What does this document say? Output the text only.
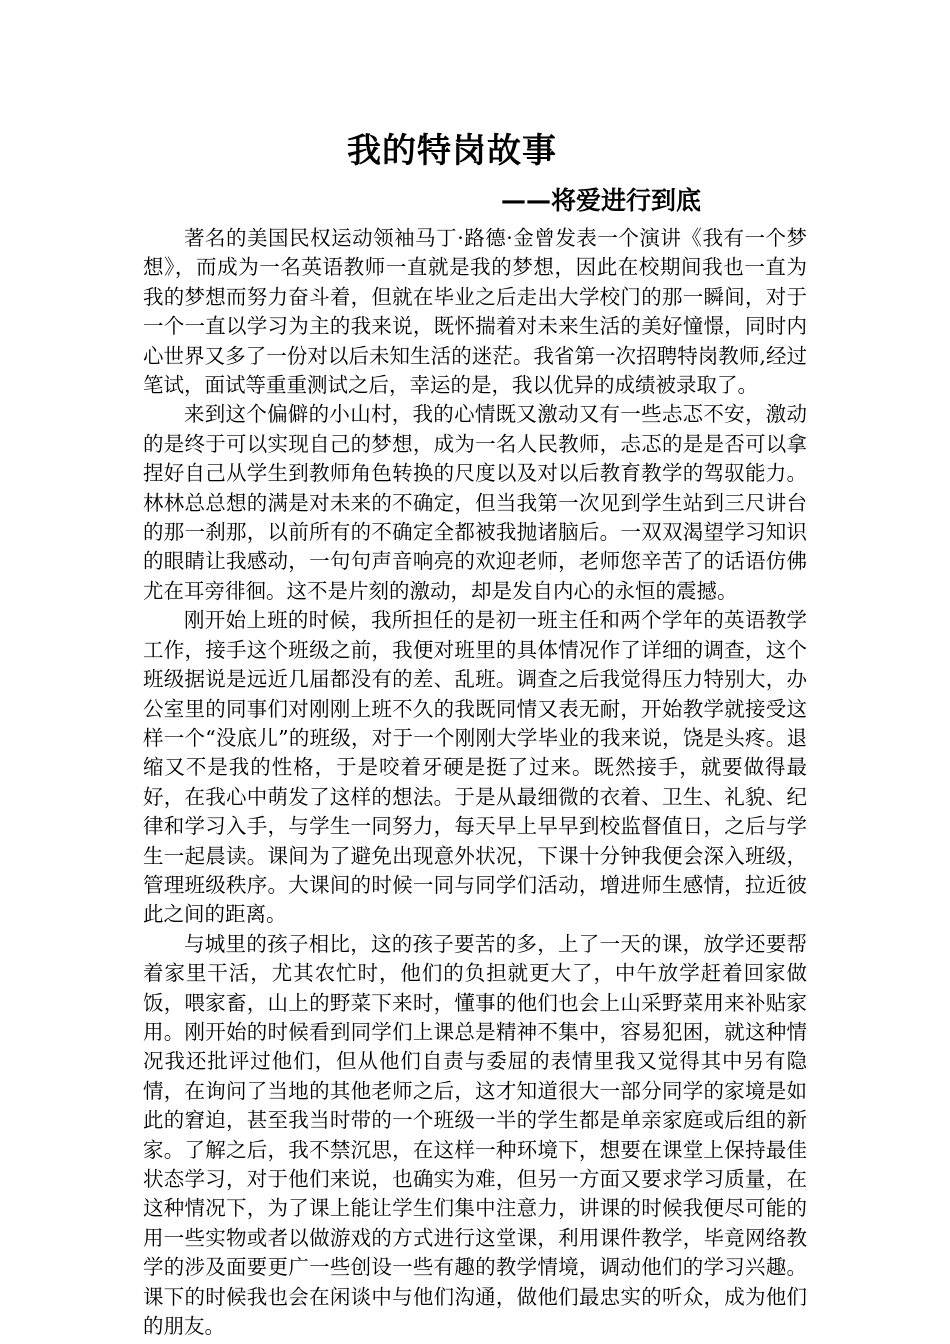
我的特岗故事
——将爱进行到底

著名的美国民权运动领袖马丁·路德·金曾发表一个演讲《我有一个梦想》，而成为一名英语教师一直就是我的梦想，因此在校期间我也一直为我的梦想而努力奋斗着，但就在毕业之后走出大学校门的那一瞬间，对于一个一直以学习为主的我来说，既怀揣着对未来生活的美好憧憬，同时内心世界又多了一份对以后未知生活的迷茫。我省第一次招聘特岗教师,经过笔试，面试等重重测试之后，幸运的是，我以优异的成绩被录取了。

来到这个偏僻的小山村，我的心情既又激动又有一些忐忑不安，激动的是终于可以实现自己的梦想，成为一名人民教师，忐忑的是是否可以拿捏好自己从学生到教师角色转换的尺度以及对以后教育教学的驾驭能力。林林总总想的满是对未来的不确定，但当我第一次见到学生站到三尺讲台的那一刹那，以前所有的不确定全都被我抛诸脑后。一双双渴望学习知识的眼睛让我感动，一句句声音响亮的欢迎老师，老师您辛苦了的话语仿佛尤在耳旁徘徊。这不是片刻的激动，却是发自内心的永恒的震撼。

刚开始上班的时候，我所担任的是初一班主任和两个学年的英语教学工作，接手这个班级之前，我便对班里的具体情况作了详细的调查，这个班级据说是远近几届都没有的差、乱班。调查之后我觉得压力特别大，办公室里的同事们对刚刚上班不久的我既同情又表无耐，开始教学就接受这样一个“没底儿”的班级，对于一个刚刚大学毕业的我来说，饶是头疼。退缩又不是我的性格，于是咬着牙硬是挺了过来。既然接手，就要做得最好，在我心中萌发了这样的想法。于是从最细微的衣着、卫生、礼貌、纪律和学习入手，与学生一同努力，每天早上早早到校监督值日，之后与学生一起晨读。课间为了避免出现意外状况，下课十分钟我便会深入班级，管理班级秩序。大课间的时候一同与同学们活动，增进师生感情，拉近彼此之间的距离。

与城里的孩子相比，这的孩子要苦的多，上了一天的课，放学还要帮着家里干活，尤其农忙时，他们的负担就更大了，中午放学赶着回家做饭，喂家畜，山上的野菜下来时，懂事的他们也会上山采野菜用来补贴家用。刚开始的时候看到同学们上课总是精神不集中，容易犯困，就这种情况我还批评过他们，但从他们自责与委屈的表情里我又觉得其中另有隐情，在询问了当地的其他老师之后，这才知道很大一部分同学的家境是如此的窘迫，甚至我当时带的一个班级一半的学生都是单亲家庭或后组的新家。了解之后，我不禁沉思，在这样一种环境下，想要在课堂上保持最佳状态学习，对于他们来说，也确实为难，但另一方面又要求学习质量，在这种情况下，为了课上能让学生们集中注意力，讲课的时候我便尽可能的用一些实物或者以做游戏的方式进行这堂课，利用课件教学，毕竟网络教学的涉及面要更广一些创设一些有趣的教学情境，调动他们的学习兴趣。课下的时候我也会在闲谈中与他们沟通，做他们最忠实的听众，成为他们的朋友。
